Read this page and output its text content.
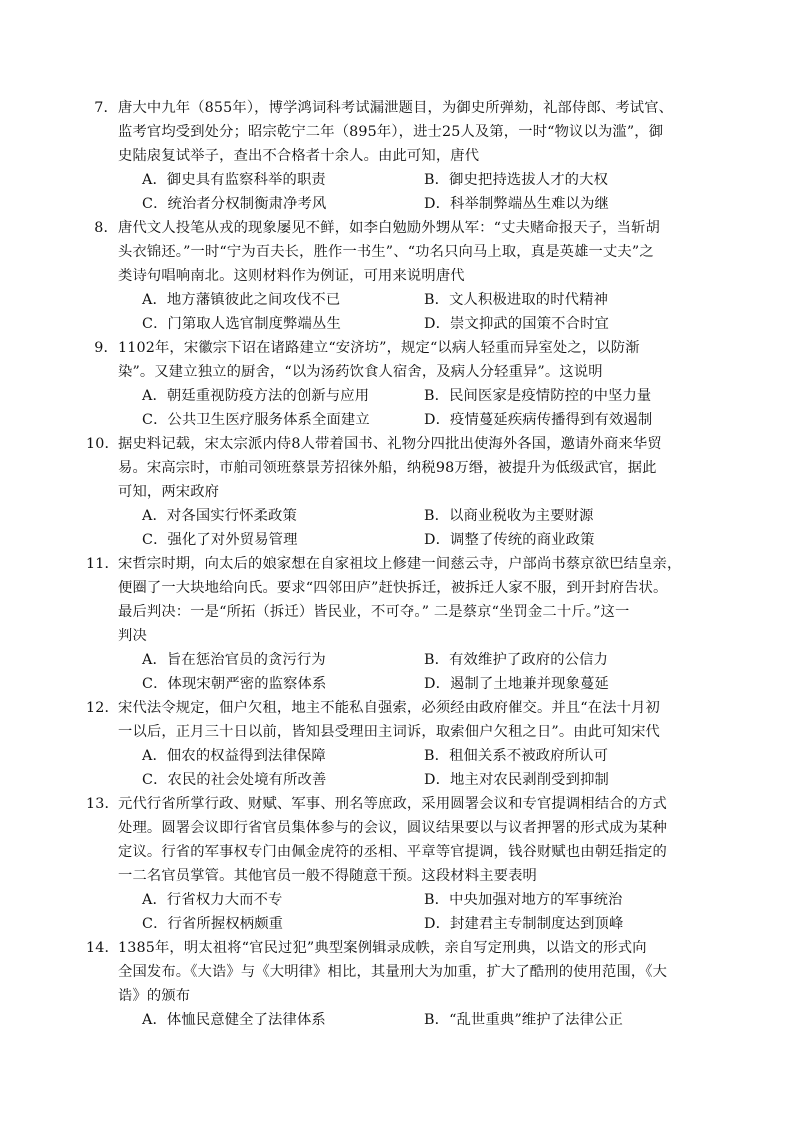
7． 唐大中九年（855年），博学鸿词科考试漏泄题目，为御史所弹劾，礼部侍郎、考试官、
监考官均受到处分；昭宗乾宁二年（895年），进士25人及第，一时“物议以为滥”，御
史陆扆复试举子，查出不合格者十余人。由此可知，唐代
A．御史具有监察科举的职责	B．御史把持选拔人才的大权
C．统治者分权制衡肃净考风	D．科举制弊端丛生难以为继
8． 唐代文人投笔从戎的现象屡见不鲜，如李白勉励外甥从军：“丈夫赌命报天子，当斩胡
头衣锦还。”一时“宁为百夫长，胜作一书生”、“功名只向马上取，真是英雄一丈夫”之
类诗句唱响南北。这则材料作为例证，可用来说明唐代
A．地方藩镇彼此之间攻伐不已	B．文人积极进取的时代精神
C．门第取人选官制度弊端丛生	D．崇文抑武的国策不合时宜
9． 1102年，宋徽宗下诏在诸路建立“安济坊”，规定“以病人轻重而异室处之，以防渐
染”。又建立独立的厨舍，“以为汤药饮食人宿舍，及病人分轻重异”。这说明
A．朝廷重视防疫方法的创新与应用	B．民间医家是疫情防控的中坚力量
C．公共卫生医疗服务体系全面建立	D．疫情蔓延疾病传播得到有效遏制
10． 据史料记载，宋太宗派内侍8人带着国书、礼物分四批出使海外各国，邀请外商来华贸
易。宋高宗时，市舶司领班蔡景芳招徕外船，纳税98万缗，被提升为低级武官，据此
可知，两宋政府
A．对各国实行怀柔政策	B．以商业税收为主要财源
C．强化了对外贸易管理	D．调整了传统的商业政策
11． 宋哲宗时期，向太后的娘家想在自家祖坟上修建一间慈云寺，户部尚书蔡京欲巴结皇亲，
便圈了一大块地给向氏。要求“四邻田庐”赶快拆迁，被拆迁人家不服，到开封府告状。
最后判决：一是“所拓（拆迁）皆民业，不可夺。” 二是蔡京“坐罚金二十斤。”这一
判决
A．旨在惩治官员的贪污行为	B．有效维护了政府的公信力
C．体现宋朝严密的监察体系	D．遏制了土地兼并现象蔓延
12． 宋代法令规定，佃户欠租，地主不能私自强索，必须经由政府催交。并且“在法十月初
一以后，正月三十日以前，皆知县受理田主词诉，取索佃户欠租之日”。由此可知宋代
A．佃农的权益得到法律保障	B．租佃关系不被政府所认可
C．农民的社会处境有所改善	D．地主对农民剥削受到抑制
13． 元代行省所掌行政、财赋、军事、刑名等庶政，采用圆署会议和专官提调相结合的方式
处理。圆署会议即行省官员集体参与的会议，圆议结果要以与议者押署的形式成为某种
定议。行省的军事权专门由佩金虎符的丞相、平章等官提调，钱谷财赋也由朝廷指定的
一二名官员掌管。其他官员一般不得随意干预。这段材料主要表明
A．行省权力大而不专	B．中央加强对地方的军事统治
C．行省所握权柄颇重	D．封建君主专制制度达到顶峰
14． 1385年，明太祖将“官民过犯”典型案例辑录成帙，亲自写定刑典，以诰文的形式向
全国发布。《大诰》与《大明律》相比，其量刑大为加重，扩大了酷刑的使用范围，《大
诰》的颁布
A．体恤民意健全了法律体系	B．“乱世重典”维护了法律公正
